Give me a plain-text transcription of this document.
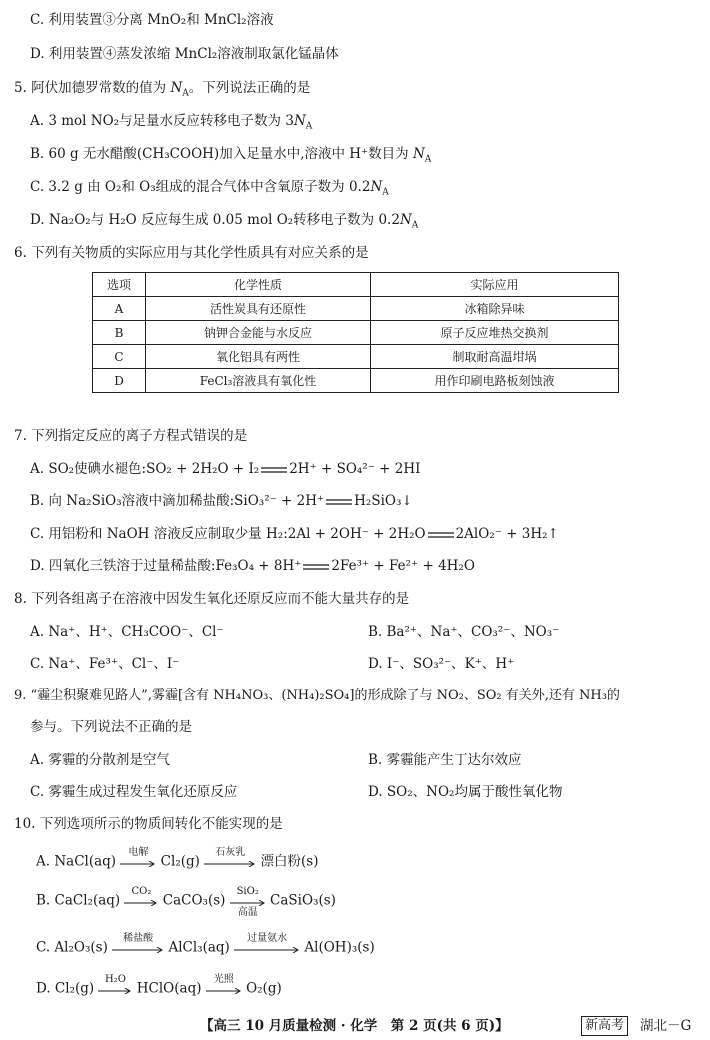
C. 利用装置③分离 MnO₂和 MnCl₂溶液
D. 利用装置④蒸发浓缩 MnCl₂溶液制取氯化锰晶体
5. 阿伏加德罗常数的值为 $N_A$。下列说法正确的是
A. 3 mol NO₂与足量水反应转移电子数为 $3N_A$
B. 60 g 无水醋酸(CH₃COOH)加入足量水中,溶液中 H⁺数目为 $N_A$
C. 3.2 g 由 O₂和 O₃组成的混合气体中含氧原子数为 $0.2N_A$
D. Na₂O₂与 H₂O 反应每生成 0.05 mol O₂转移电子数为 $0.2N_A$
6. 下列有关物质的实际应用与其化学性质具有对应关系的是
选项	化学性质	实际应用
A	活性炭具有还原性	冰箱除异味
B	钠钾合金能与水反应	原子反应堆热交换剂
C	氧化铝具有两性	制取耐高温坩埚
D	FeCl₃溶液具有氧化性	用作印刷电路板刻蚀液
7. 下列指定反应的离子方程式错误的是
A. SO₂使碘水褪色:SO₂ + 2H₂O + I₂ 2H⁺ + SO₄²⁻ + 2HI
B. 向 Na₂SiO₃溶液中滴加稀盐酸:SiO₃²⁻ + 2H⁺ H₂SiO₃↓
C. 用铝粉和 NaOH 溶液反应制取少量 H₂:2Al + 2OH⁻ + 2H₂O 2AlO₂⁻ + 3H₂↑
D. 四氧化三铁溶于过量稀盐酸:Fe₃O₄ + 8H⁺ 2Fe³⁺ + Fe²⁺ + 4H₂O
8. 下列各组离子在溶液中因发生氧化还原反应而不能大量共存的是
A. Na⁺、H⁺、CH₃COO⁻、Cl⁻	B. Ba²⁺、Na⁺、CO₃²⁻、NO₃⁻
C. Na⁺、Fe³⁺、Cl⁻、I⁻	D. I⁻、SO₃²⁻、K⁺、H⁺
9. “霾尘积聚难见路人”,雾霾[含有 NH₄NO₃、(NH₄)₂SO₄]的形成除了与 NO₂、SO₂ 有关外,还有 NH₃的
参与。下列说法不正确的是
A. 雾霾的分散剂是空气	B. 雾霾能产生丁达尔效应
C. 雾霾生成过程发生氧化还原反应	D. SO₂、NO₂均属于酸性氧化物
10. 下列选项所示的物质间转化不能实现的是
A. NaCl(aq)
电解
Cl₂(g)
石灰乳
漂白粉(s)
B. CaCl₂(aq)
CO₂
CaCO₃(s)
SiO₂
高温
CaSiO₃(s)
C. Al₂O₃(s)
稀盐酸
AlCl₃(aq)
过量氨水
Al(OH)₃(s)
D. Cl₂(g)
H₂O
HClO(aq)
光照
O₂(g)
【高三 10 月质量检测 · 化学　第 2 页(共 6 页)】	新高考 湖北－G
